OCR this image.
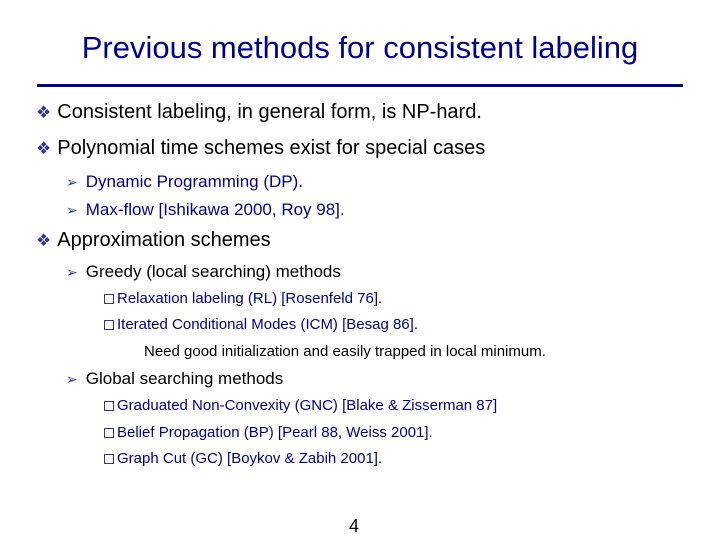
Previous methods for consistent labeling
❖ Consistent labeling, in general form, is NP-hard.
❖ Polynomial time schemes exist for special cases
➢ Dynamic Programming (DP).
➢ Max-flow [Ishikawa 2000, Roy 98].
❖ Approximation schemes
➢ Greedy (local searching) methods
Relaxation labeling (RL) [Rosenfeld 76].
Iterated Conditional Modes (ICM) [Besag 86].
Need good initialization and easily trapped in local minimum.
➢ Global searching methods
Graduated Non-Convexity (GNC) [Blake & Zisserman 87]
Belief Propagation (BP) [Pearl 88, Weiss 2001].
Graph Cut (GC) [Boykov & Zabih 2001].
4
